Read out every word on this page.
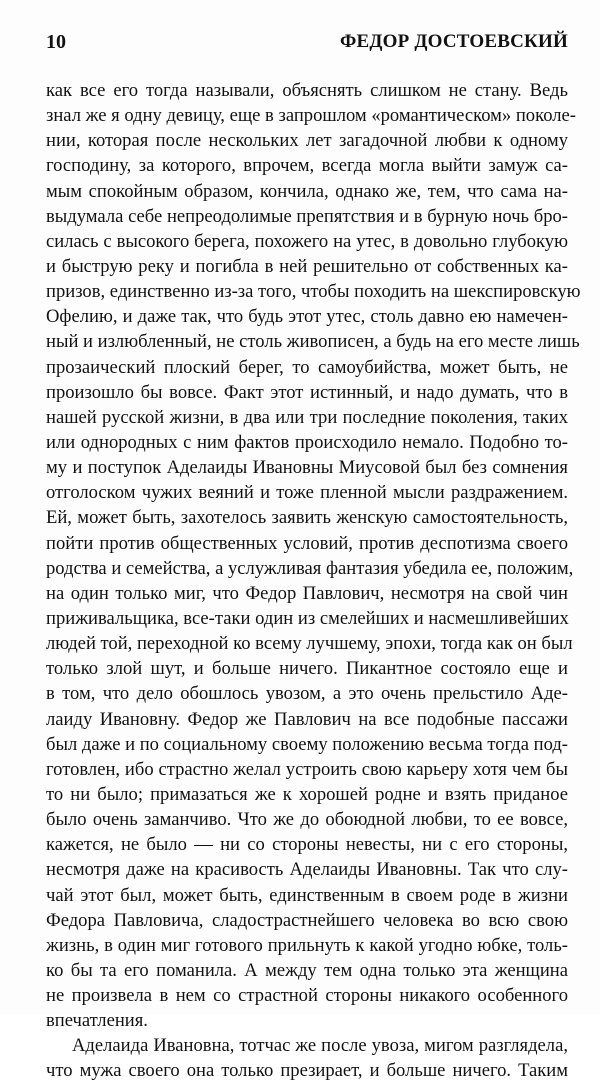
10	ФЕДОР ДОСТОЕВСКИЙ
как все его тогда называли, объяснять слишком не стану. Ведь
знал же я одну девицу, еще в запрошлом «романтическом» поколе-
нии, которая после нескольких лет загадочной любви к одному
господину, за которого, впрочем, всегда могла выйти замуж са-
мым спокойным образом, кончила, однако же, тем, что сама на-
выдумала себе непреодолимые препятствия и в бурную ночь бро-
силась с высокого берега, похожего на утес, в довольно глубокую
и быструю реку и погибла в ней решительно от собственных ка-
призов, единственно из-за того, чтобы походить на шекспировскую
Офелию, и даже так, что будь этот утес, столь давно ею намечен-
ный и излюбленный, не столь живописен, а будь на его месте лишь
прозаический плоский берег, то самоубийства, может быть, не
произошло бы вовсе. Факт этот истинный, и надо думать, что в
нашей русской жизни, в два или три последние поколения, таких
или однородных с ним фактов происходило немало. Подобно то-
му и поступок Аделаиды Ивановны Миусовой был без сомнения
отголоском чужих веяний и тоже пленной мысли раздражением.
Ей, может быть, захотелось заявить женскую самостоятельность,
пойти против общественных условий, против деспотизма своего
родства и семейства, а услужливая фантазия убедила ее, положим,
на один только миг, что Федор Павлович, несмотря на свой чин
приживальщика, все-таки один из смелейших и насмешливейших
людей той, переходной ко всему лучшему, эпохи, тогда как он был
только злой шут, и больше ничего. Пикантное состояло еще и
в том, что дело обошлось увозом, а это очень прельстило Аде-
лаиду Ивановну. Федор же Павлович на все подобные пассажи
был даже и по социальному своему положению весьма тогда под-
готовлен, ибо страстно желал устроить свою карьеру хотя чем бы
то ни было; примазаться же к хорошей родне и взять приданое
было очень заманчиво. Что же до обоюдной любви, то ее вовсе,
кажется, не было — ни со стороны невесты, ни с его стороны,
несмотря даже на красивость Аделаиды Ивановны. Так что слу-
чай этот был, может быть, единственным в своем роде в жизни
Федора Павловича, сладострастнейшего человека во всю свою
жизнь, в один миг готового прильнуть к какой угодно юбке, толь-
ко бы та его поманила. А между тем одна только эта женщина
не произвела в нем со страстной стороны никакого особенного
впечатления.
Аделаида Ивановна, тотчас же после увоза, мигом разглядела,
что мужа своего она только презирает, и больше ничего. Таким
